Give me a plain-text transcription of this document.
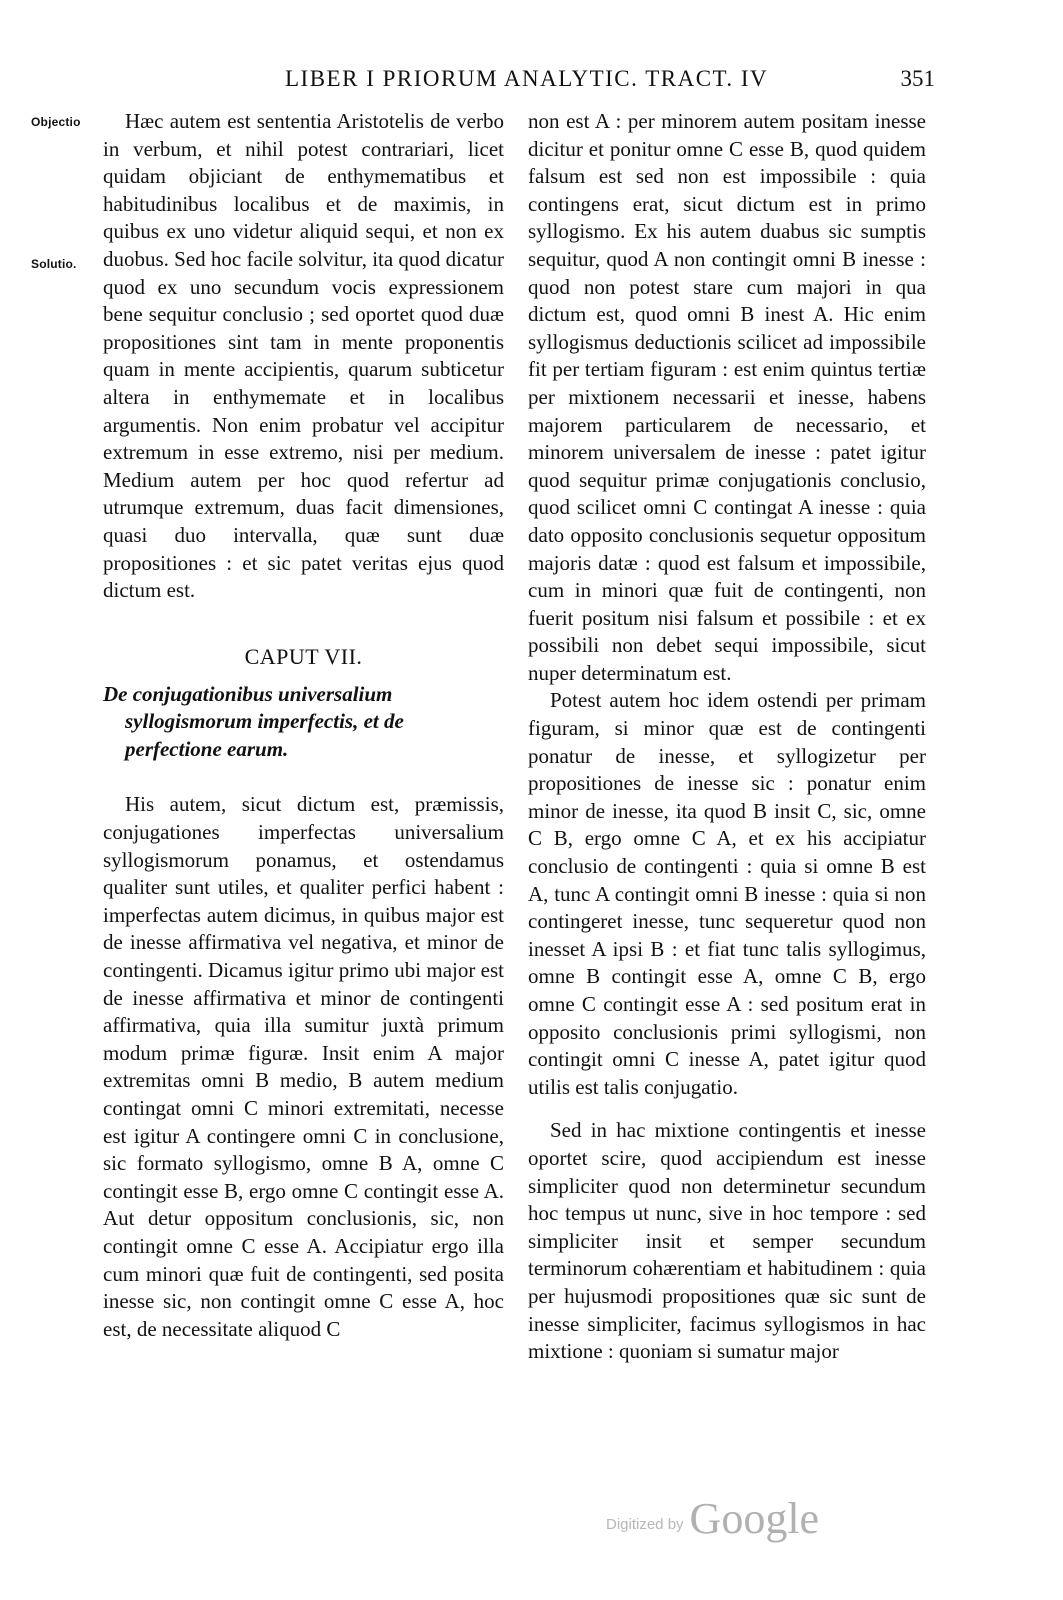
LIBER I PRIORUM ANALYTIC. TRACT. IV	351
Objectio
Solutio.

Hæc autem est sententia Aristotelis de verbo in verbum, et nihil potest contrariari, licet quidam objiciant de enthymematibus et habitudinibus localibus et de maximis, in quibus ex uno videtur aliquid sequi, et non ex duobus. Sed hoc facile solvitur, ita quod dicatur quod ex uno secundum vocis expressionem bene sequitur conclusio ; sed oportet quod duæ propositiones sint tam in mente proponentis quam in mente accipientis, quarum subticetur altera in enthymemate et in localibus argumentis. Non enim probatur vel accipitur extremum in esse extremo, nisi per medium. Medium autem per hoc quod refertur ad utrumque extremum, duas facit dimensiones, quasi duo intervalla, quæ sunt duæ propositiones : et sic patet veritas ejus quod dictum est.

CAPUT VII.

De conjugationibus universalium syllogismorum imperfectis, et de perfectione earum.

His autem, sicut dictum est, præmissis, conjugationes imperfectas universalium syllogismorum ponamus, et ostendamus qualiter sunt utiles, et qualiter perfici habent : imperfectas autem dicimus, in quibus major est de inesse affirmativa vel negativa, et minor de contingenti. Dicamus igitur primo ubi major est de inesse affirmativa et minor de contingenti affirmativa, quia illa sumitur juxtà primum modum primæ figuræ. Insit enim A major extremitas omni B medio, B autem medium contingat omni C minori extremitati, necesse est igitur A contingere omni C in conclusione, sic formato syllogismo, omne B A, omne C contingit esse B, ergo omne C contingit esse A. Aut detur oppositum conclusionis, sic, non contingit omne C esse A. Accipiatur ergo illa cum minori quæ fuit de contingenti, sed posita inesse sic, non contingit omne C esse A, hoc est, de necessitate aliquod C

non est A : per minorem autem positam inesse dicitur et ponitur omne C esse B, quod quidem falsum est sed non est impossibile : quia contingens erat, sicut dictum est in primo syllogismo. Ex his autem duabus sic sumptis sequitur, quod A non contingit omni B inesse : quod non potest stare cum majori in qua dictum est, quod omni B inest A. Hic enim syllogismus deductionis scilicet ad impossibile fit per tertiam figuram : est enim quintus tertiæ per mixtionem necessarii et inesse, habens majorem particularem de necessario, et minorem universalem de inesse : patet igitur quod sequitur primæ conjugationis conclusio, quod scilicet omni C contingat A inesse : quia dato opposito conclusionis sequetur oppositum majoris datæ : quod est falsum et impossibile, cum in minori quæ fuit de contingenti, non fuerit positum nisi falsum et possibile : et ex possibili non debet sequi impossibile, sicut nuper determinatum est.

Potest autem hoc idem ostendi per primam figuram, si minor quæ est de contingenti ponatur de inesse, et syllogizetur per propositiones de inesse sic : ponatur enim minor de inesse, ita quod B insit C, sic, omne C B, ergo omne C A, et ex his accipiatur conclusio de contingenti : quia si omne B est A, tunc A contingit omni B inesse : quia si non contingeret inesse, tunc sequeretur quod non inesset A ipsi B : et fiat tunc talis syllogimus, omne B contingit esse A, omne C B, ergo omne C contingit esse A : sed positum erat in opposito conclusionis primi syllogismi, non contingit omni C inesse A, patet igitur quod utilis est talis conjugatio.

Sed in hac mixtione contingentis et inesse oportet scire, quod accipiendum est inesse simpliciter quod non determinetur secundum hoc tempus ut nunc, sive in hoc tempore : sed simpliciter insit et semper secundum terminorum cohærentiam et habitudinem : quia per hujusmodi propositiones quæ sic sunt de inesse simpliciter, facimus syllogismos in hac mixtione : quoniam si sumatur major

Digitized by Google
